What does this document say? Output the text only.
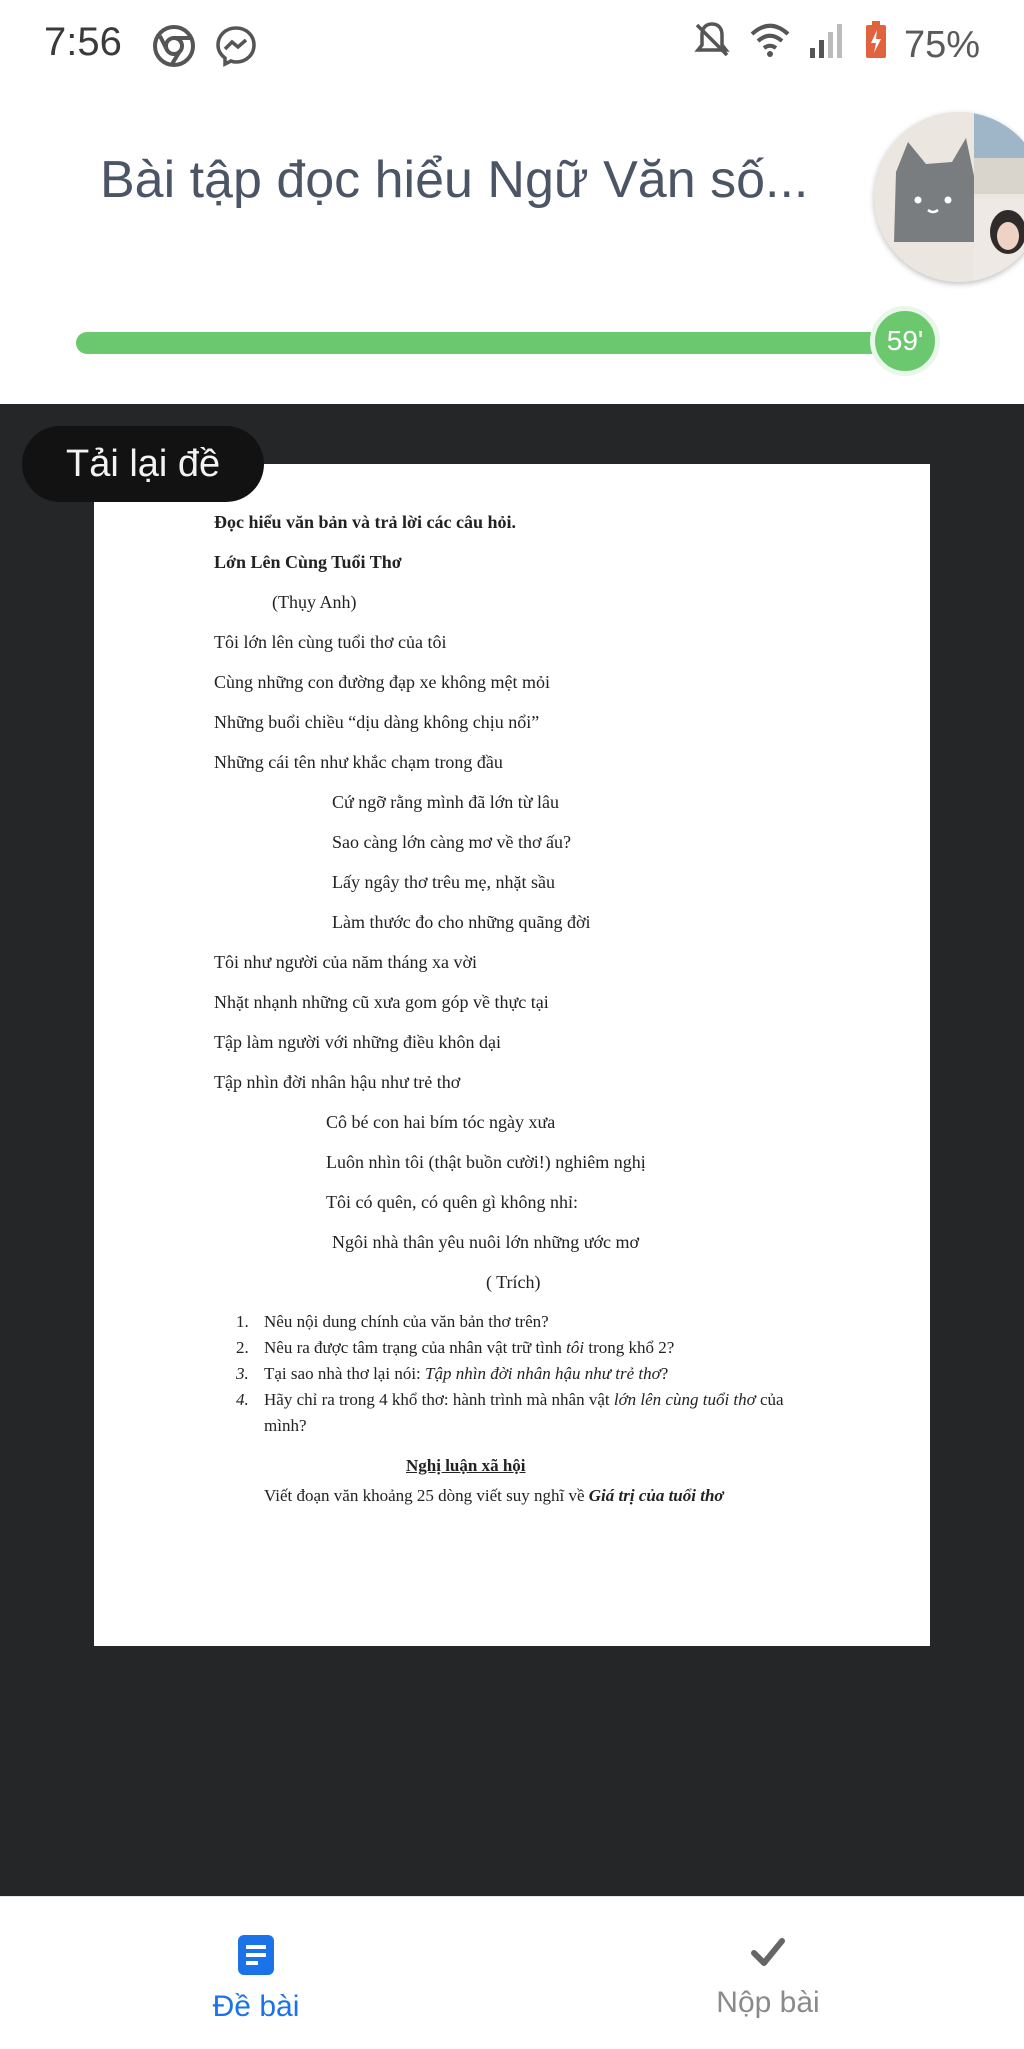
7:56	75%
Bài tập đọc hiểu Ngữ Văn số...
59'
Đọc hiểu văn bản và trả lời các câu hỏi.
Lớn Lên Cùng Tuổi Thơ
(Thụy Anh)
Tôi lớn lên cùng tuổi thơ của tôi
Cùng những con đường đạp xe không mệt mỏi
Những buổi chiều “dịu dàng không chịu nổi”
Những cái tên như khắc chạm trong đầu
Cứ ngỡ rằng mình đã lớn từ lâu
Sao càng lớn càng mơ về thơ ấu?
Lấy ngây thơ trêu mẹ, nhặt sầu
Làm thước đo cho những quãng đời
Tôi như người của năm tháng xa vời
Nhặt nhạnh những cũ xưa gom góp về thực tại
Tập làm người với những điều khôn dại
Tập nhìn đời nhân hậu như trẻ thơ
Cô bé con hai bím tóc ngày xưa
Luôn nhìn tôi (thật buồn cười!) nghiêm nghị
Tôi có quên, có quên gì không nhỉ:
Ngôi nhà thân yêu nuôi lớn những ước mơ
( Trích)
1. Nêu nội dung chính của văn bản thơ trên?
2. Nêu ra được tâm trạng của nhân vật trữ tình tôi trong khổ 2?
3. Tại sao nhà thơ lại nói: Tập nhìn đời nhân hậu như trẻ thơ?
4. Hãy chỉ ra trong 4 khổ thơ: hành trình mà nhân vật lớn lên cùng tuổi thơ của
mình?
Nghị luận xã hội
Viết đoạn văn khoảng 25 dòng viết suy nghĩ về Giá trị của tuổi thơ
Tải lại đề
Đề bài	Nộp bài
